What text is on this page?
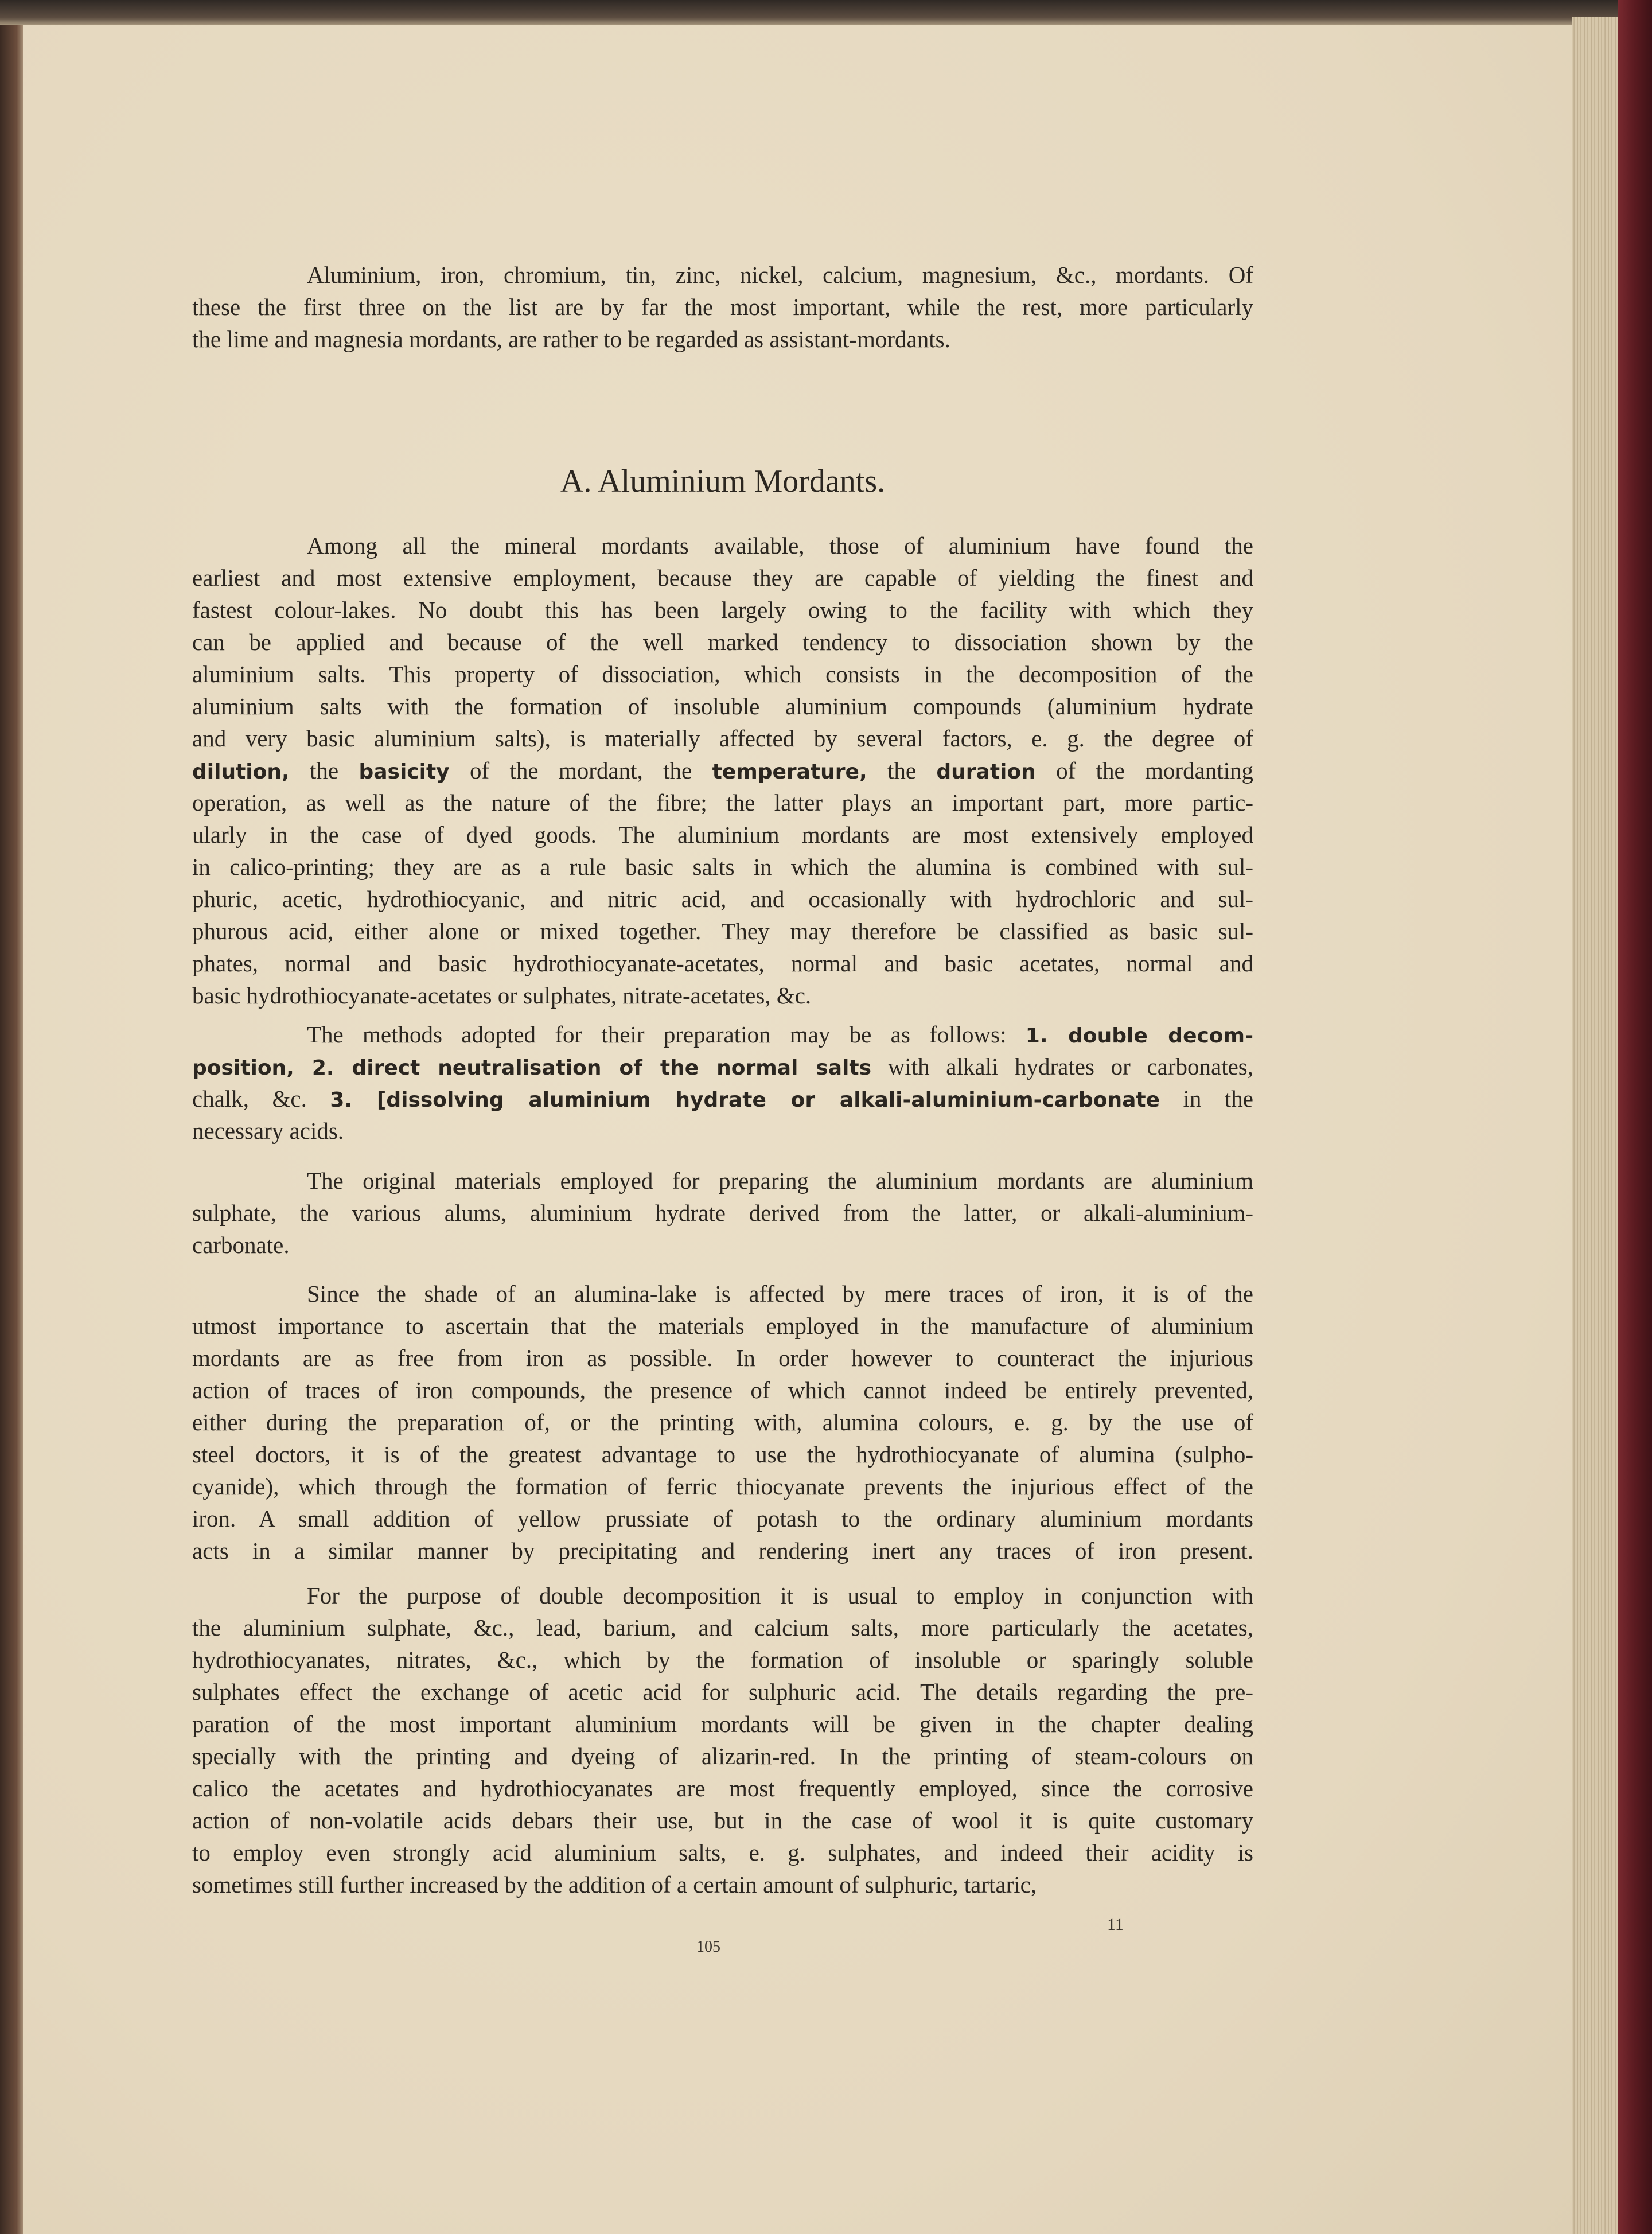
Aluminium, iron, chromium, tin, zinc, nickel, calcium, magnesium, &c., mordants. Of
these the first three on the list are by far the most important, while the rest, more particularly
the lime and magnesia mordants, are rather to be regarded as assistant-mordants.
A. Aluminium Mordants.
Among all the mineral mordants available, those of aluminium have found the
earliest and most extensive employment, because they are capable of yielding the finest and
fastest colour-lakes. No doubt this has been largely owing to the facility with which they
can be applied and because of the well marked tendency to dissociation shown by the
aluminium salts. This property of dissociation, which consists in the decomposition of the
aluminium salts with the formation of insoluble aluminium compounds (aluminium hydrate
and very basic aluminium salts), is materially affected by several factors, e. g. the degree of
dilution, the basicity of the mordant, the temperature, the duration of the mordanting
operation, as well as the nature of the fibre; the latter plays an important part, more partic-
ularly in the case of dyed goods. The aluminium mordants are most extensively employed
in calico-printing; they are as a rule basic salts in which the alumina is combined with sul-
phuric, acetic, hydrothiocyanic, and nitric acid, and occasionally with hydrochloric and sul-
phurous acid, either alone or mixed together. They may therefore be classified as basic sul-
phates, normal and basic hydrothiocyanate-acetates, normal and basic acetates, normal and
basic hydrothiocyanate-acetates or sulphates, nitrate-acetates, &c.
The methods adopted for their preparation may be as follows: 1. double decom-
position, 2. direct neutralisation of the normal salts with alkali hydrates or carbonates,
chalk, &c. 3. [dissolving aluminium hydrate or alkali-aluminium-carbonate in the
necessary acids.
The original materials employed for preparing the aluminium mordants are aluminium
sulphate, the various alums, aluminium hydrate derived from the latter, or alkali-aluminium-
carbonate.
Since the shade of an alumina-lake is affected by mere traces of iron, it is of the
utmost importance to ascertain that the materials employed in the manufacture of aluminium
mordants are as free from iron as possible. In order however to counteract the injurious
action of traces of iron compounds, the presence of which cannot indeed be entirely prevented,
either during the preparation of, or the printing with, alumina colours, e. g. by the use of
steel doctors, it is of the greatest advantage to use the hydrothiocyanate of alumina (sulpho-
cyanide), which through the formation of ferric thiocyanate prevents the injurious effect of the
iron. A small addition of yellow prussiate of potash to the ordinary aluminium mordants
acts in a similar manner by precipitating and rendering inert any traces of iron present.
For the purpose of double decomposition it is usual to employ in conjunction with
the aluminium sulphate, &c., lead, barium, and calcium salts, more particularly the acetates,
hydrothiocyanates, nitrates, &c., which by the formation of insoluble or sparingly soluble
sulphates effect the exchange of acetic acid for sulphuric acid. The details regarding the pre-
paration of the most important aluminium mordants will be given in the chapter dealing
specially with the printing and dyeing of alizarin-red. In the printing of steam-colours on
calico the acetates and hydrothiocyanates are most frequently employed, since the corrosive
action of non-volatile acids debars their use, but in the case of wool it is quite customary
to employ even strongly acid aluminium salts, e. g. sulphates, and indeed their acidity is
sometimes still further increased by the addition of a certain amount of sulphuric, tartaric,
11
105
